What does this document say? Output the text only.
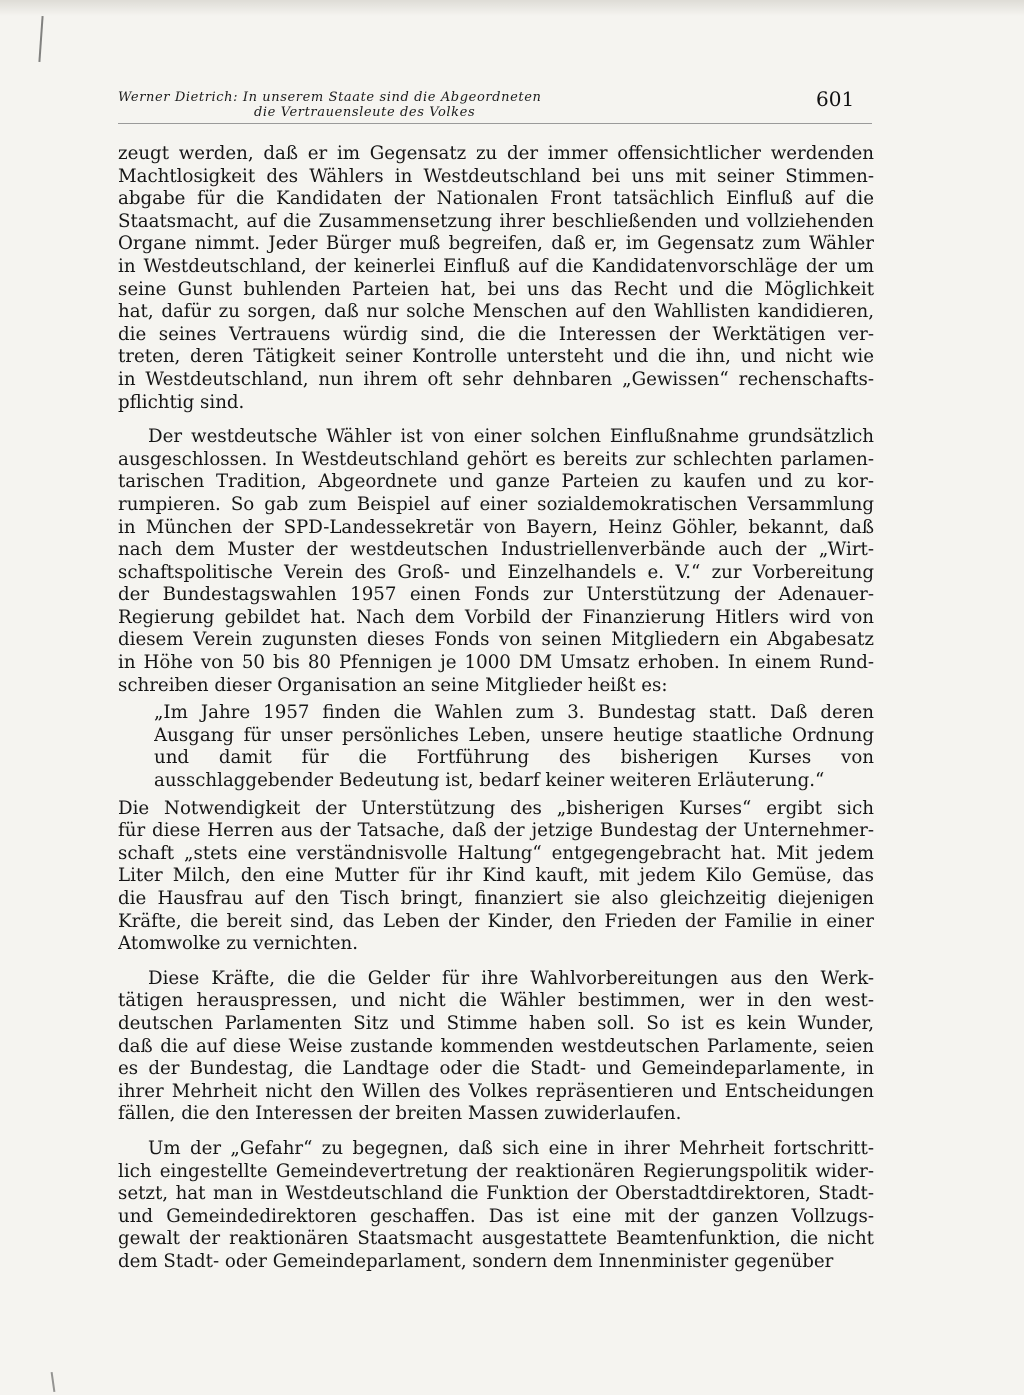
Werner Dietrich: In unserem Staate sind die Abgeordneten
die Vertrauensleute des Volkes
601
zeugt werden, daß er im Gegensatz zu der immer offensichtlicher werdenden
Machtlosigkeit des Wählers in Westdeutschland bei uns mit seiner Stimmen-
abgabe für die Kandidaten der Nationalen Front tatsächlich Einfluß auf die
Staatsmacht, auf die Zusammensetzung ihrer beschließenden und vollziehenden
Organe nimmt. Jeder Bürger muß begreifen, daß er, im Gegensatz zum Wähler
in Westdeutschland, der keinerlei Einfluß auf die Kandidatenvorschläge der um
seine Gunst buhlenden Parteien hat, bei uns das Recht und die Möglichkeit
hat, dafür zu sorgen, daß nur solche Menschen auf den Wahllisten kandidieren,
die seines Vertrauens würdig sind, die die Interessen der Werktätigen ver-
treten, deren Tätigkeit seiner Kontrolle untersteht und die ihn, und nicht wie
in Westdeutschland, nun ihrem oft sehr dehnbaren „Gewissen“ rechenschafts-
pflichtig sind.
Der westdeutsche Wähler ist von einer solchen Einflußnahme grundsätzlich
ausgeschlossen. In Westdeutschland gehört es bereits zur schlechten parlamen-
tarischen Tradition, Abgeordnete und ganze Parteien zu kaufen und zu kor-
rumpieren. So gab zum Beispiel auf einer sozialdemokratischen Versammlung
in München der SPD-Landessekretär von Bayern, Heinz Göhler, bekannt, daß
nach dem Muster der westdeutschen Industriellenverbände auch der „Wirt-
schaftspolitische Verein des Groß- und Einzelhandels e. V.“ zur Vorbereitung
der Bundestagswahlen 1957 einen Fonds zur Unterstützung der Adenauer-
Regierung gebildet hat. Nach dem Vorbild der Finanzierung Hitlers wird von
diesem Verein zugunsten dieses Fonds von seinen Mitgliedern ein Abgabesatz
in Höhe von 50 bis 80 Pfennigen je 1000 DM Umsatz erhoben. In einem Rund-
schreiben dieser Organisation an seine Mitglieder heißt es:
„Im Jahre 1957 finden die Wahlen zum 3. Bundestag statt. Daß deren
Ausgang für unser persönliches Leben, unsere heutige staatliche Ordnung
und damit für die Fortführung des bisherigen Kurses von
ausschlaggebender Bedeutung ist, bedarf keiner weiteren Erläuterung.“
Die Notwendigkeit der Unterstützung des „bisherigen Kurses“ ergibt sich
für diese Herren aus der Tatsache, daß der jetzige Bundestag der Unternehmer-
schaft „stets eine verständnisvolle Haltung“ entgegengebracht hat. Mit jedem
Liter Milch, den eine Mutter für ihr Kind kauft, mit jedem Kilo Gemüse, das
die Hausfrau auf den Tisch bringt, finanziert sie also gleichzeitig diejenigen
Kräfte, die bereit sind, das Leben der Kinder, den Frieden der Familie in einer
Atomwolke zu vernichten.
Diese Kräfte, die die Gelder für ihre Wahlvorbereitungen aus den Werk-
tätigen herauspressen, und nicht die Wähler bestimmen, wer in den west-
deutschen Parlamenten Sitz und Stimme haben soll. So ist es kein Wunder,
daß die auf diese Weise zustande kommenden westdeutschen Parlamente, seien
es der Bundestag, die Landtage oder die Stadt- und Gemeindeparlamente, in
ihrer Mehrheit nicht den Willen des Volkes repräsentieren und Entscheidungen
fällen, die den Interessen der breiten Massen zuwiderlaufen.
Um der „Gefahr“ zu begegnen, daß sich eine in ihrer Mehrheit fortschritt-
lich eingestellte Gemeindevertretung der reaktionären Regierungspolitik wider-
setzt, hat man in Westdeutschland die Funktion der Oberstadtdirektoren, Stadt-
und Gemeindedirektoren geschaffen. Das ist eine mit der ganzen Vollzugs-
gewalt der reaktionären Staatsmacht ausgestattete Beamtenfunktion, die nicht
dem Stadt- oder Gemeindeparlament, sondern dem Innenminister gegenüber
